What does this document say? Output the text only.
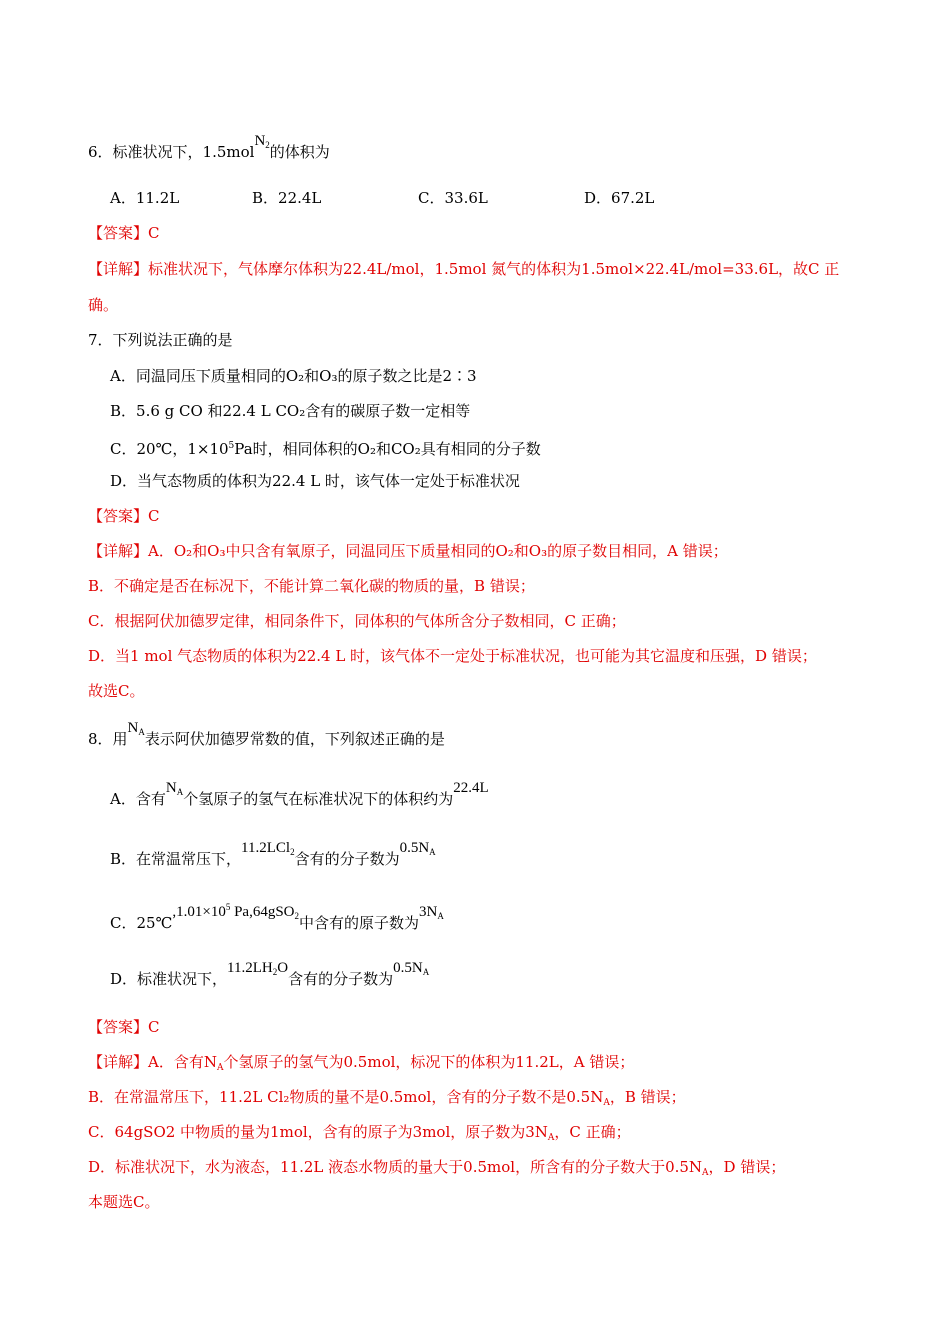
6．标准状况下，1.5molN$_2$的体积为
A．11.2L	B．22.4L	C．33.6L	D．67.2L
【答案】C
【详解】标准状况下，气体摩尔体积为22.4L/mol，1.5mol 氮气的体积为1.5mol×22.4L/mol=33.6L，故C 正
确。
7．下列说法正确的是
A．同温同压下质量相同的O₂和O₃的原子数之比是2∶3
B．5.6 g CO 和22.4 L CO₂含有的碳原子数一定相等
C．20℃，$1\times 10^5Pa$时，相同体积的O₂和CO₂具有相同的分子数
D．当气态物质的体积为22.4 L 时，该气体一定处于标准状况
【答案】C
【详解】A．O₂和O₃中只含有氧原子，同温同压下质量相同的O₂和O₃的原子数目相同，A 错误；
B．不确定是否在标况下，不能计算二氧化碳的物质的量，B 错误；
C．根据阿伏加德罗定律，相同条件下，同体积的气体所含分子数相同，C 正确；
D．当1 mol 气态物质的体积为22.4 L 时，该气体不一定处于标准状况，也可能为其它温度和压强，D 错误；
故选C。
8．用$N_A$表示阿伏加德罗常数的值，下列叙述正确的是
A．含有$N_A$个氢原子的氢气在标准状况下的体积约为22.4L
B．在常温常压下，11.2LCl$_2$含有的分子数为$0.5N_A$
C．$25℃,1.01\times 10^5$ Pa,64gSO$_2$中含有的原子数为$3N_A$
D．标准状况下，$11.2LH_2O$含有的分子数为$0.5N_A$
【答案】C
【详解】A．含有$N_A$个氢原子的氢气为0.5mol，标况下的体积为11.2L，A 错误；
B．在常温常压下，11.2L Cl₂物质的量不是0.5mol，含有的分子数不是$0.5N_A$，B 错误；
C．64gSO2 中物质的量为1mol，含有的原子为3mol，原子数为$3N_A$，C 正确；
D．标准状况下，水为液态，11.2L 液态水物质的量大于0.5mol，所含有的分子数大于$0.5N_A$，D 错误；
本题选C。
